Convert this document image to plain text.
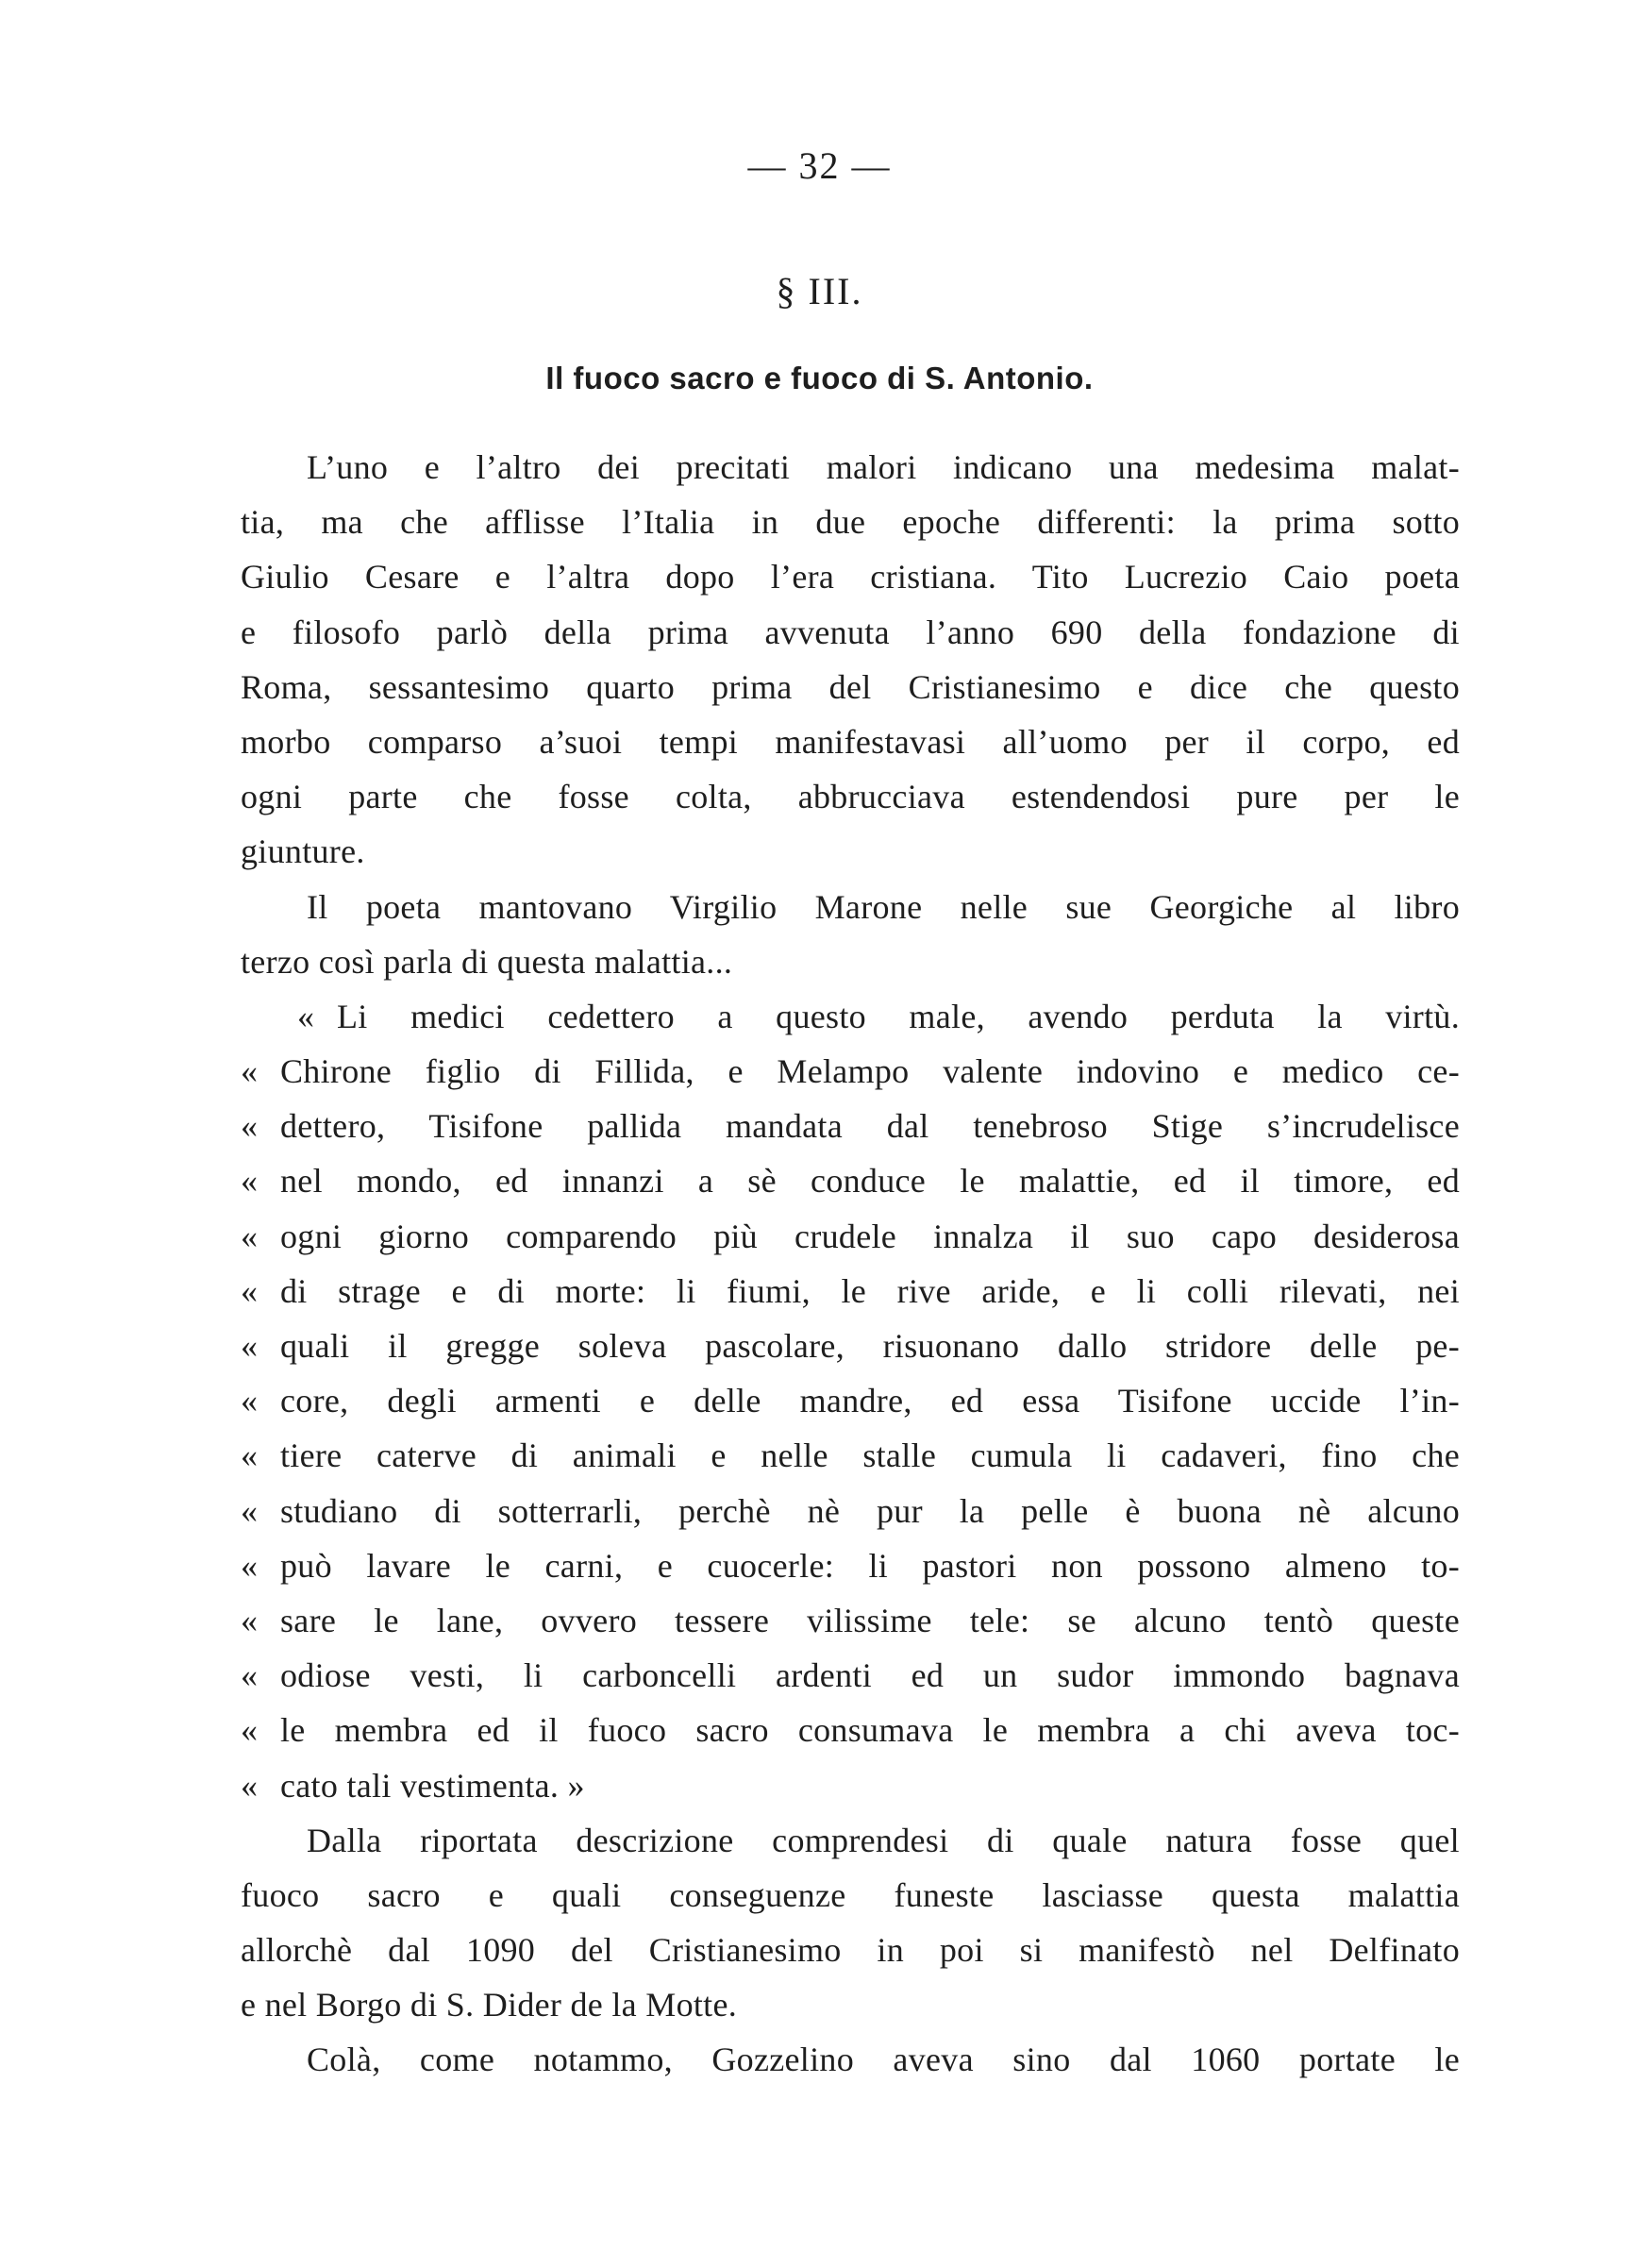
— 32 —
§ III.
Il fuoco sacro e fuoco di S. Antonio.
L’uno e l’altro dei precitati malori indicano una medesima malat-
tia, ma che afflisse l’Italia in due epoche differenti: la prima sotto
Giulio Cesare e l’altra dopo l’era cristiana. Tito Lucrezio Caio poeta
e filosofo parlò della prima avvenuta l’anno 690 della fondazione di
Roma, sessantesimo quarto prima del Cristianesimo e dice che questo
morbo comparso a’suoi tempi manifestavasi all’uomo per il corpo, ed
ogni parte che fosse colta, abbrucciava estendendosi pure per le
giunture.
Il poeta mantovano Virgilio Marone nelle sue Georgiche al libro
terzo così parla di questa malattia...
« Li medici cedettero a questo male, avendo perduta la virtù.
« Chirone figlio di Fillida, e Melampo valente indovino e medico ce-
« dettero, Tisifone pallida mandata dal tenebroso Stige s’incrudelisce
« nel mondo, ed innanzi a sè conduce le malattie, ed il timore, ed
« ogni giorno comparendo più crudele innalza il suo capo desiderosa
« di strage e di morte: li fiumi, le rive aride, e li colli rilevati, nei
« quali il gregge soleva pascolare, risuonano dallo stridore delle pe-
« core, degli armenti e delle mandre, ed essa Tisifone uccide l’in-
« tiere caterve di animali e nelle stalle cumula li cadaveri, fino che
« studiano di sotterrarli, perchè nè pur la pelle è buona nè alcuno
« può lavare le carni, e cuocerle: li pastori non possono almeno to-
« sare le lane, ovvero tessere vilissime tele: se alcuno tentò queste
« odiose vesti, li carboncelli ardenti ed un sudor immondo bagnava
« le membra ed il fuoco sacro consumava le membra a chi aveva toc-
« cato tali vestimenta. »
Dalla riportata descrizione comprendesi di quale natura fosse quel
fuoco sacro e quali conseguenze funeste lasciasse questa malattia
allorchè dal 1090 del Cristianesimo in poi si manifestò nel Delfinato
e nel Borgo di S. Dider de la Motte.
Colà, come notammo, Gozzelino aveva sino dal 1060 portate le
